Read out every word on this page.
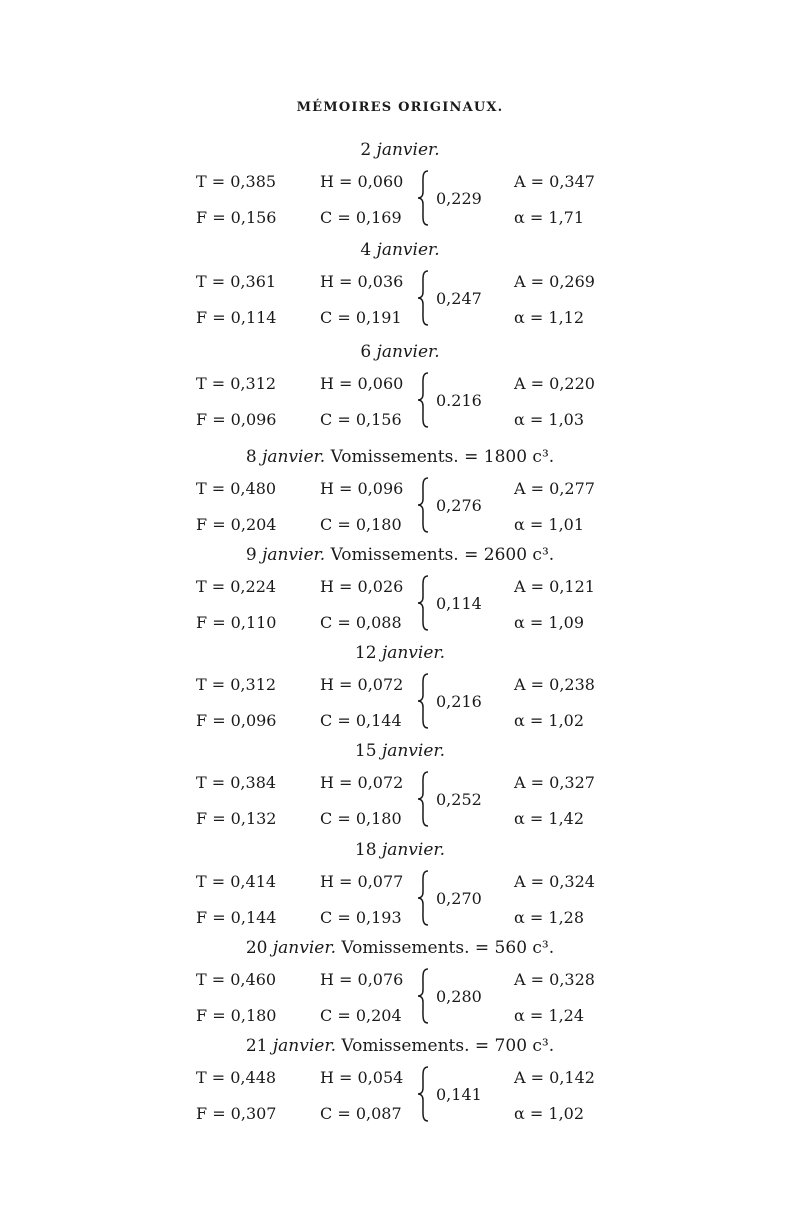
MÉMOIRES ORIGINAUX.
2 janvier.
T = 0,385	H = 0,060	A = 0,347
F = 0,156	C = 0,169	α = 1,71
0,229
4 janvier.
T = 0,361	H = 0,036	A = 0,269
F = 0,114	C = 0,191	α = 1,12
0,247
6 janvier.
T = 0,312	H = 0,060	A = 0,220
F = 0,096	C = 0,156	α = 1,03
0.216
8 janvier. Vomissements. = 1800 c³.
T = 0,480	H = 0,096	A = 0,277
F = 0,204	C = 0,180	α = 1,01
0,276
9 janvier. Vomissements. = 2600 c³.
T = 0,224	H = 0,026	A = 0,121
F = 0,110	C = 0,088	α = 1,09
0,114
12 janvier.
T = 0,312	H = 0,072	A = 0,238
F = 0,096	C = 0,144	α = 1,02
0,216
15 janvier.
T = 0,384	H = 0,072	A = 0,327
F = 0,132	C = 0,180	α = 1,42
0,252
18 janvier.
T = 0,414	H = 0,077	A = 0,324
F = 0,144	C = 0,193	α = 1,28
0,270
20 janvier. Vomissements. = 560 c³.
T = 0,460	H = 0,076	A = 0,328
F = 0,180	C = 0,204	α = 1,24
0,280
21 janvier. Vomissements. = 700 c³.
T = 0,448	H = 0,054	A = 0,142
F = 0,307	C = 0,087	α = 1,02
0,141
